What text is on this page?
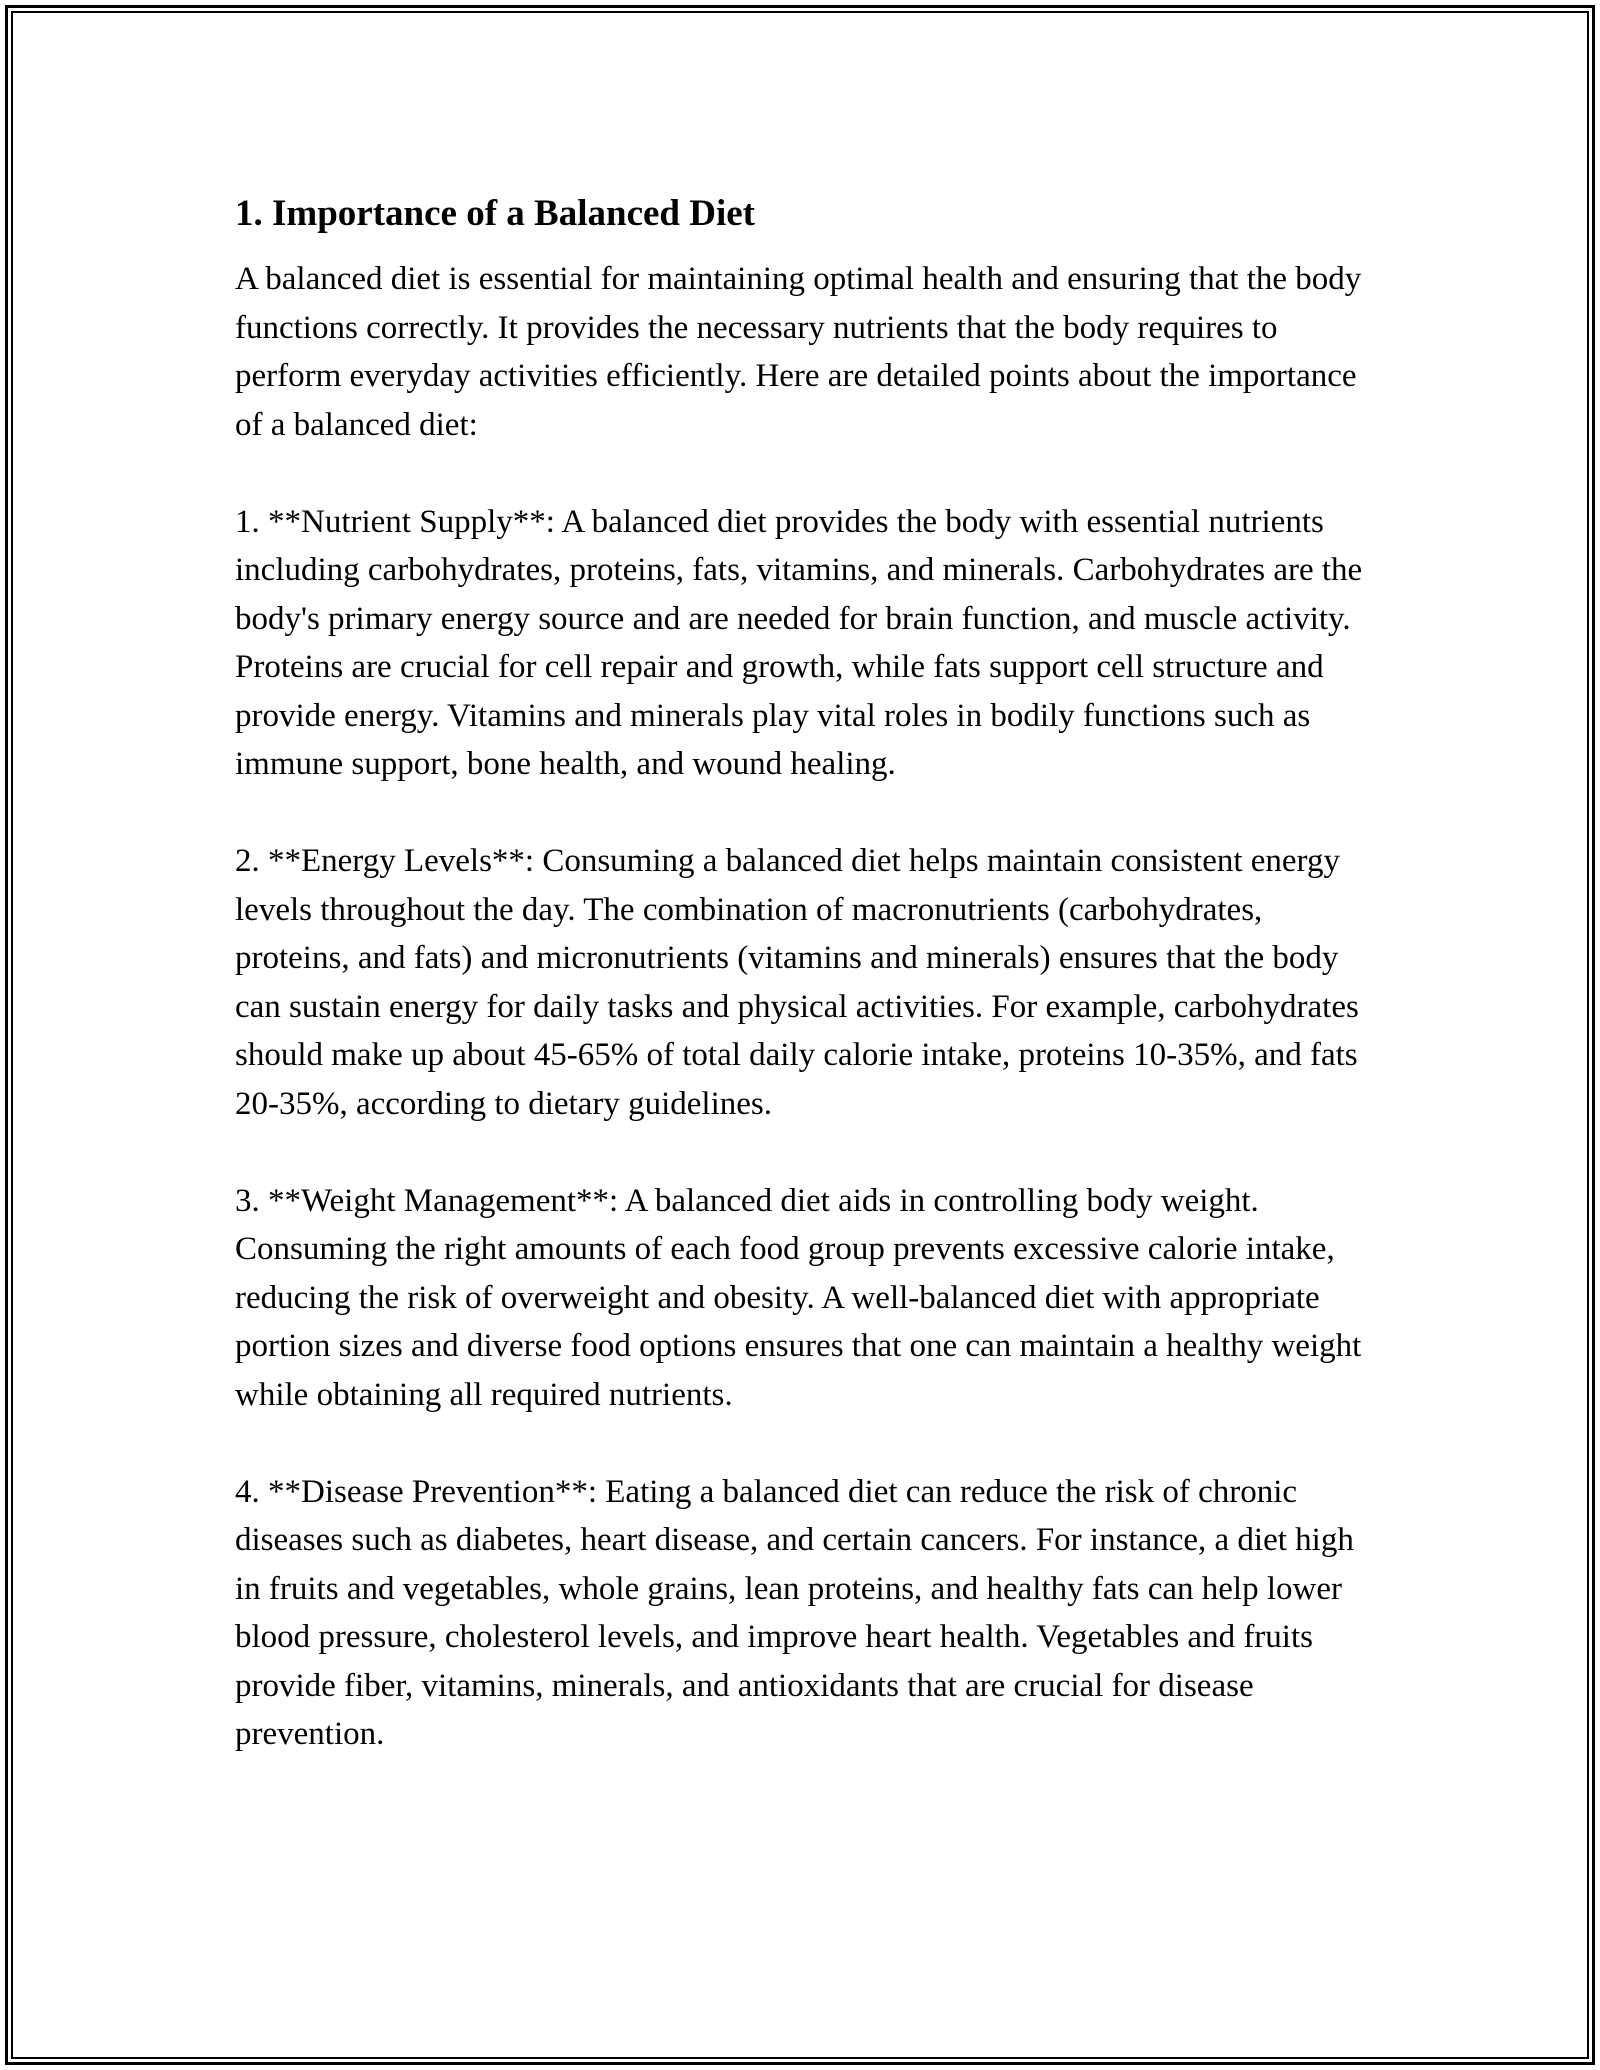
1. Importance of a Balanced Diet

A balanced diet is essential for maintaining optimal health and ensuring that the body functions correctly. It provides the necessary nutrients that the body requires to perform everyday activities efficiently. Here are detailed points about the importance of a balanced diet:

1. **Nutrient Supply**: A balanced diet provides the body with essential nutrients including carbohydrates, proteins, fats, vitamins, and minerals. Carbohydrates are the body's primary energy source and are needed for brain function, and muscle activity. Proteins are crucial for cell repair and growth, while fats support cell structure and provide energy. Vitamins and minerals play vital roles in bodily functions such as immune support, bone health, and wound healing.

2. **Energy Levels**: Consuming a balanced diet helps maintain consistent energy levels throughout the day. The combination of macronutrients (carbohydrates, proteins, and fats) and micronutrients (vitamins and minerals) ensures that the body can sustain energy for daily tasks and physical activities. For example, carbohydrates should make up about 45-65% of total daily calorie intake, proteins 10-35%, and fats 20-35%, according to dietary guidelines.

3. **Weight Management**: A balanced diet aids in controlling body weight. Consuming the right amounts of each food group prevents excessive calorie intake, reducing the risk of overweight and obesity. A well-balanced diet with appropriate portion sizes and diverse food options ensures that one can maintain a healthy weight while obtaining all required nutrients.

4. **Disease Prevention**: Eating a balanced diet can reduce the risk of chronic diseases such as diabetes, heart disease, and certain cancers. For instance, a diet high in fruits and vegetables, whole grains, lean proteins, and healthy fats can help lower blood pressure, cholesterol levels, and improve heart health. Vegetables and fruits provide fiber, vitamins, minerals, and antioxidants that are crucial for disease prevention.
